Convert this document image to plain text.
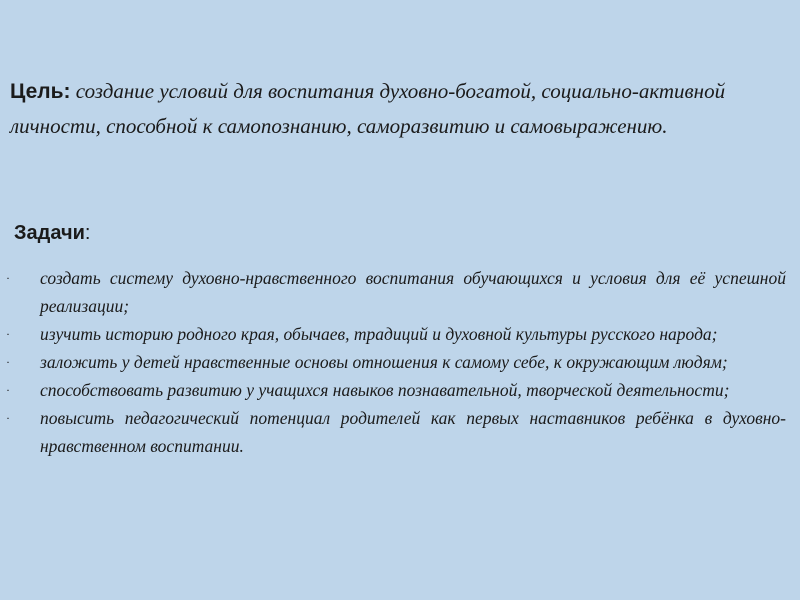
Цель: создание условий для воспитания духовно-богатой, социально-активной личности, способной к самопознанию, саморазвитию и самовыражению.
Задачи:
· создать систему духовно-нравственного воспитания обучающихся и условия для её успешной реализации;
· изучить историю родного края, обычаев, традиций и духовной культуры русского народа;
· заложить у детей нравственные основы отношения к самому себе, к окружающим людям;
· способствовать развитию у учащихся навыков познавательной, творческой деятельности;
· повысить педагогический потенциал родителей как первых наставников ребёнка в духовно-нравственном воспитании.
